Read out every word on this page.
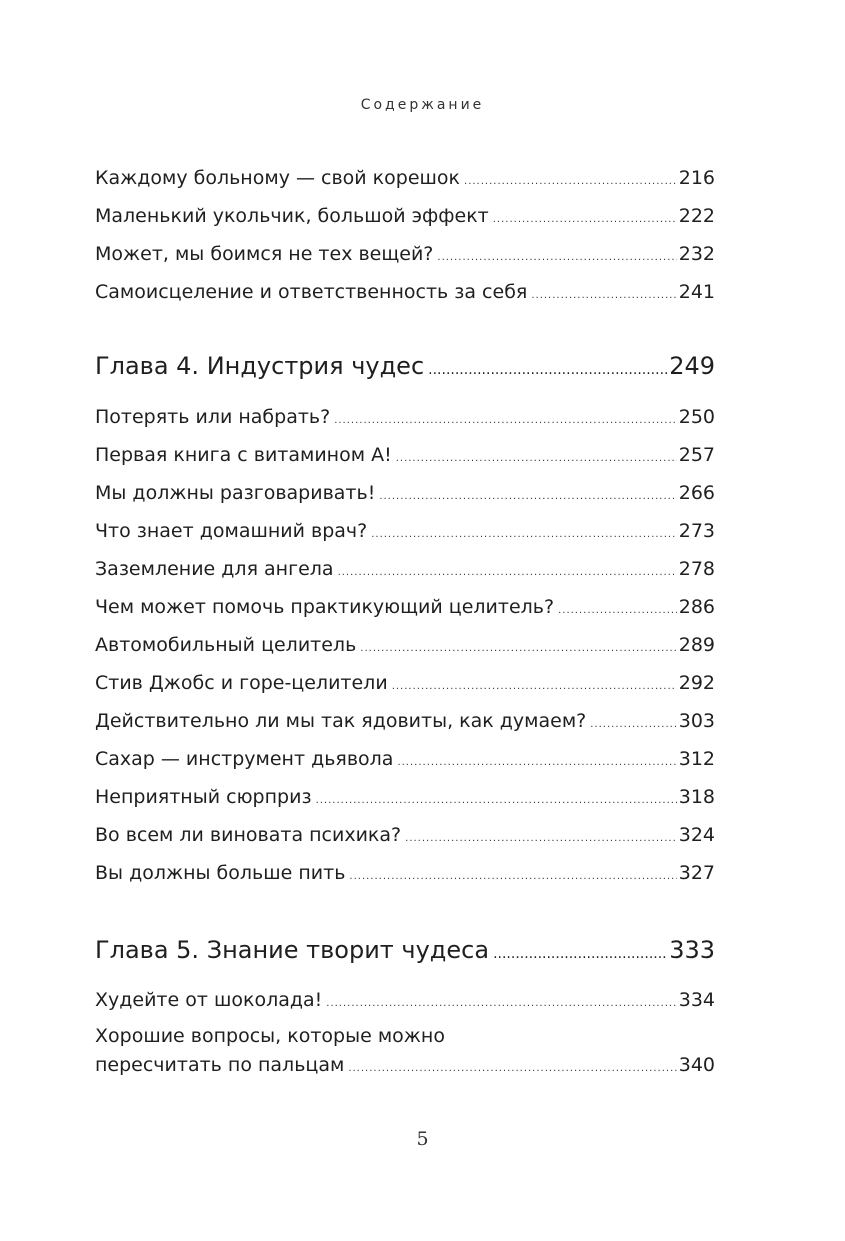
Содержание
Каждому больному — свой корешок .....	216
Маленький укольчик, большой эффект .....	222
Может, мы боимся не тех вещей? .....	232
Самоисцеление и ответственность за себя .....	241
Глава 4. Индустрия чудес .....	249
Потерять или набрать? .....	250
Первая книга с витамином А! .....	257
Мы должны разговаривать! .....	266
Что знает домашний врач? .....	273
Заземление для ангела .....	278
Чем может помочь практикующий целитель? .....	286
Автомобильный целитель .....	289
Стив Джобс и горе-целители .....	292
Действительно ли мы так ядовиты, как думаем? .....	303
Сахар — инструмент дьявола .....	312
Неприятный сюрприз .....	318
Во всем ли виновата психика? .....	324
Вы должны больше пить .....	327
Глава 5. Знание творит чудеса .....	333
Худейте от шоколада! .....	334
Хорошие вопросы, которые можно
пересчитать по пальцам .....	340
5
